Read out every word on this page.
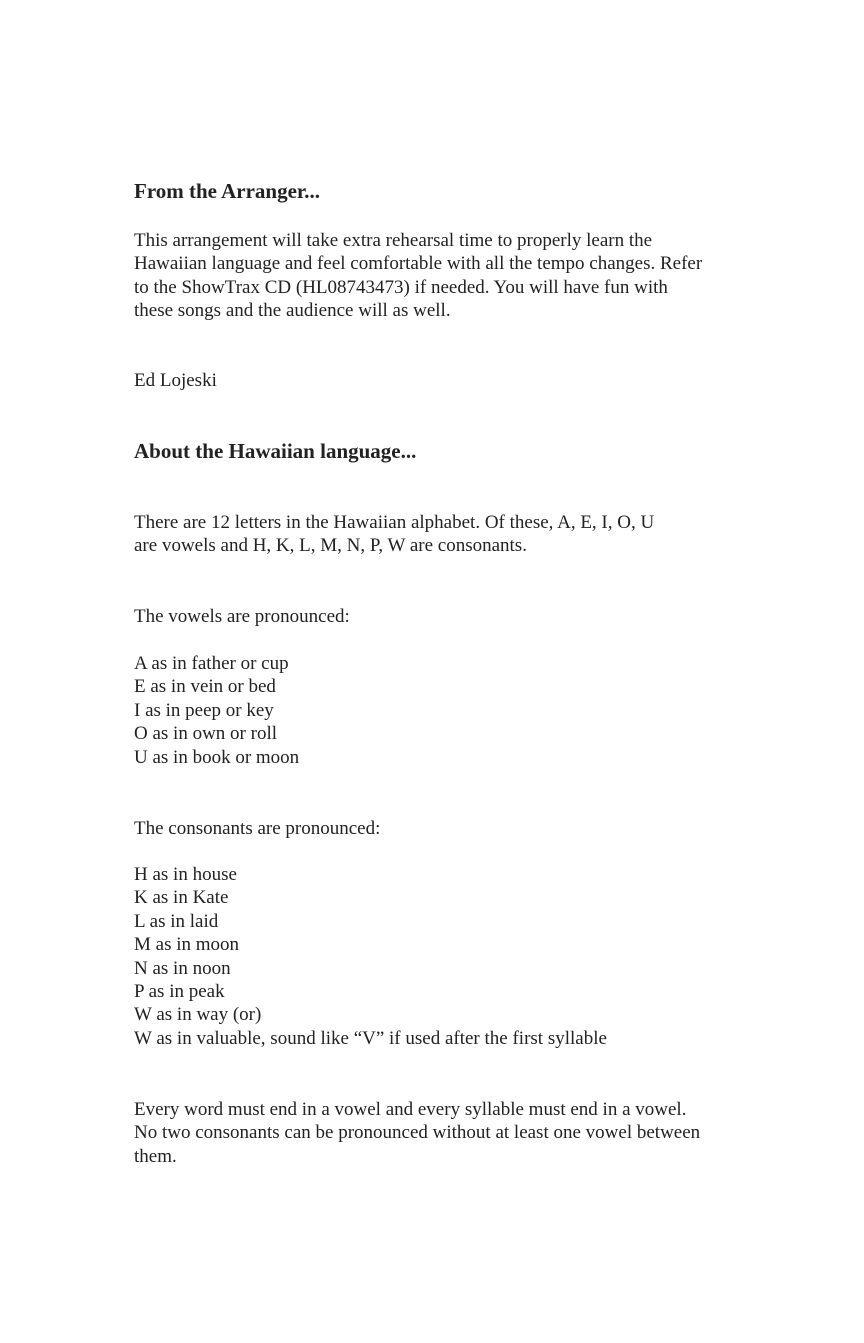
From the Arranger...

This arrangement will take extra rehearsal time to properly learn the
Hawaiian language and feel comfortable with all the tempo changes. Refer
to the ShowTrax CD (HL08743473) if needed. You will have fun with
these songs and the audience will as well.

Ed Lojeski

About the Hawaiian language...

There are 12 letters in the Hawaiian alphabet. Of these, A, E, I, O, U
are vowels and H, K, L, M, N, P, W are consonants.

The vowels are pronounced:

A as in father or cup
E as in vein or bed
I as in peep or key
O as in own or roll
U as in book or moon

The consonants are pronounced:

H as in house
K as in Kate
L as in laid
M as in moon
N as in noon
P as in peak
W as in way (or)
W as in valuable, sound like “V” if used after the first syllable

Every word must end in a vowel and every syllable must end in a vowel.
No two consonants can be pronounced without at least one vowel between
them.
